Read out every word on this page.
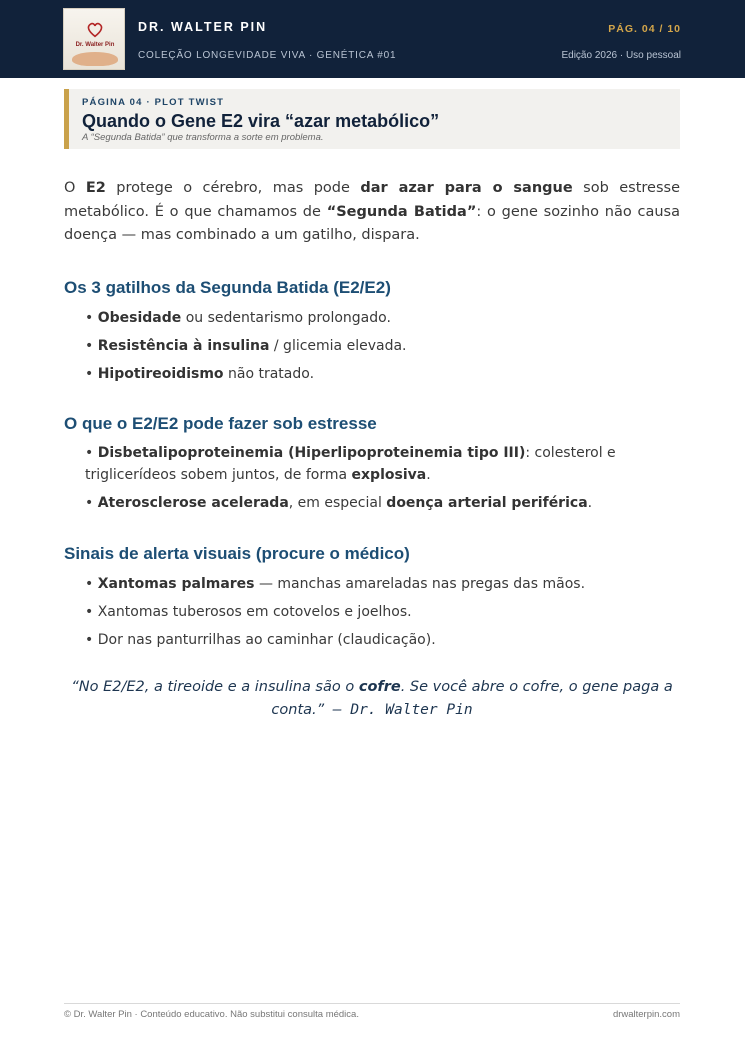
Dr. Walter Pin
DR. WALTER PIN
COLEÇÃO LONGEVIDADE VIVA · GENÉTICA #01
PÁG. 04 / 10
Edição 2026 · Uso pessoal
PÁGINA 04 · PLOT TWIST
Quando o Gene E2 vira “azar metabólico”
A “Segunda Batida” que transforma a sorte em problema.

O E2 protege o cérebro, mas pode dar azar para o sangue sob estresse metabólico. É o que chamamos de “Segunda Batida”: o gene sozinho não causa doença — mas combinado a um gatilho, dispara.

Os 3 gatilhos da Segunda Batida (E2/E2)
• Obesidade ou sedentarismo prolongado.
• Resistência à insulina / glicemia elevada.
• Hipotireoidismo não tratado.
O que o E2/E2 pode fazer sob estresse
• Disbetalipoproteinemia (Hiperlipoproteinemia tipo III): colesterol e triglicerídeos sobem juntos, de forma explosiva.
• Aterosclerose acelerada, em especial doença arterial periférica.
Sinais de alerta visuais (procure o médico)
• Xantomas palmares — manchas amareladas nas pregas das mãos.
• Xantomas tuberosos em cotovelos e joelhos.
• Dor nas panturrilhas ao caminhar (claudicação).

“No E2/E2, a tireoide e a insulina são o cofre. Se você abre o cofre, o gene paga a conta.” — Dr. Walter Pin

© Dr. Walter Pin · Conteúdo educativo. Não substitui consulta médica.	drwalterpin.com
